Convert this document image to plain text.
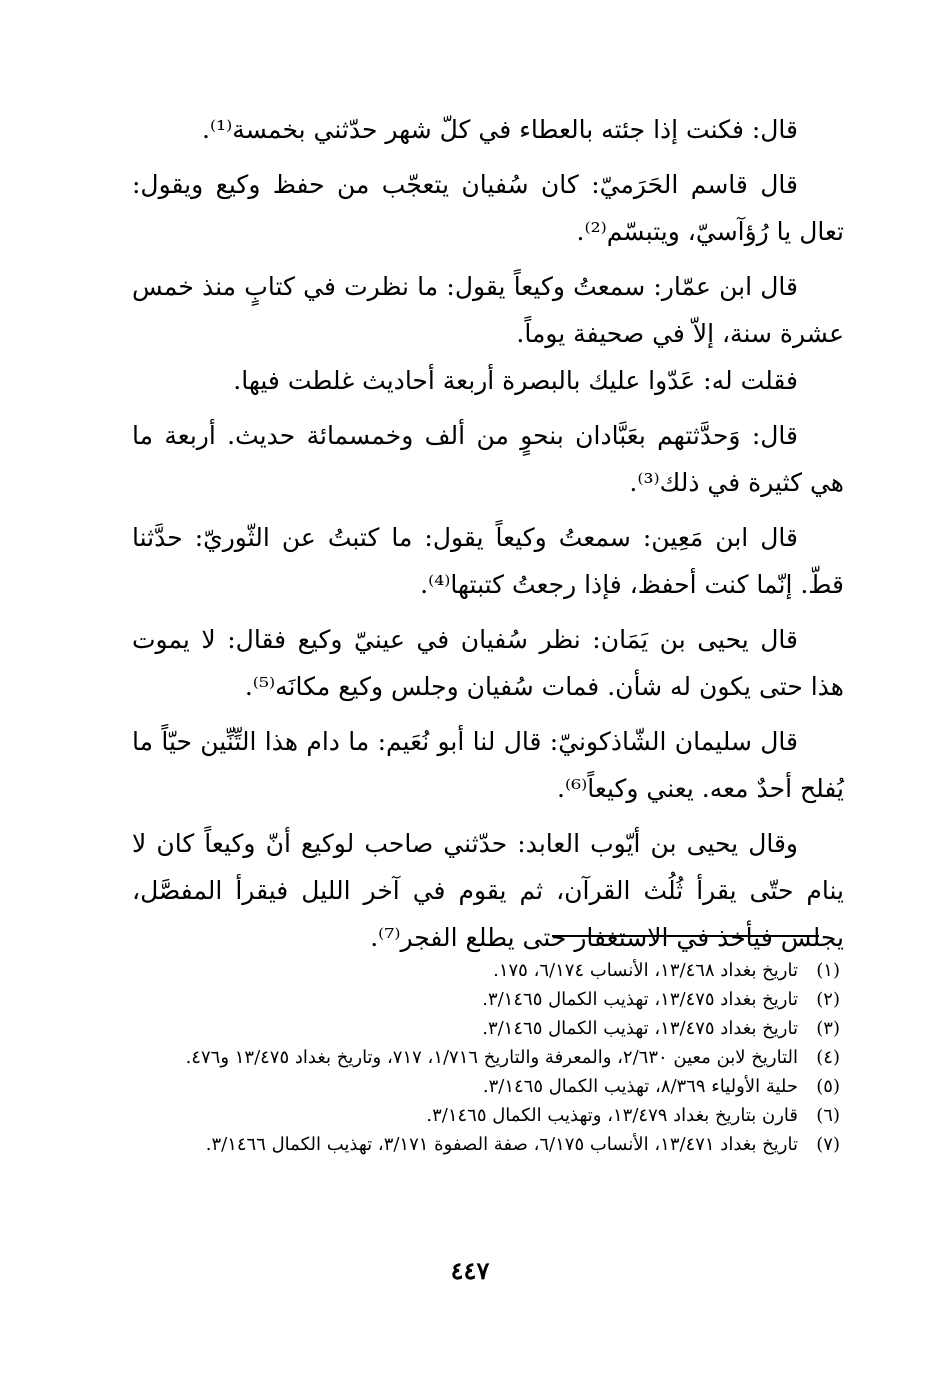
قال: فكنت إذا جئته بالعطاء في كلّ شهر حدّثني بخمسة⁽¹⁾.

قال قاسم الحَرَميّ: كان سُفيان يتعجّب من حفظ وكيع ويقول: تعال يا رُؤآسيّ، ويتبسّم⁽²⁾.

قال ابن عمّار: سمعتُ وكيعاً يقول: ما نظرت في كتابٍ منذ خمس عشرة سنة، إلاّ في صحيفة يوماً.

فقلت له: عَدّوا عليك بالبصرة أربعة أحاديث غلطت فيها.

قال: وَحدَّثتهم بعَبَّادان بنحوٍ من ألف وخمسمائة حديث. أربعة ما هي كثيرة في ذلك⁽³⁾.

قال ابن مَعِين: سمعتُ وكيعاً يقول: ما كتبتُ عن الثّوريّ: حدَّثنا قطّ. إنّما كنت أحفظ، فإذا رجعتُ كتبتها⁽⁴⁾.

قال يحيى بن يَمَان: نظر سُفيان في عينيّ وكيع فقال: لا يموت هذا حتى يكون له شأن. فمات سُفيان وجلس وكيع مكانَه⁽⁵⁾.

قال سليمان الشّاذكونيّ: قال لنا أبو نُعَيم: ما دام هذا التِّنِّين حيّاً ما يُفلح أحدٌ معه. يعني وكيعاً⁽⁶⁾.

وقال يحيى بن أيّوب العابد: حدّثني صاحب لوكيع أنّ وكيعاً كان لا ينام حتّى يقرأ ثُلُث القرآن، ثم يقوم في آخر الليل فيقرأ المفصَّل، يجلس فيأخذ في الاستغفار حتى يطلع الفجر⁽⁷⁾.

(١)
تاريخ بغداد ١٣/٤٦٨، الأنساب ٦/١٧٤، ١٧٥.
(٢)
تاريخ بغداد ١٣/٤٧٥، تهذيب الكمال ٣/١٤٦٥.
(٣)
تاريخ بغداد ١٣/٤٧٥، تهذيب الكمال ٣/١٤٦٥.
(٤)
التاريخ لابن معين ٢/٦٣٠، والمعرفة والتاريخ ١/٧١٦، ٧١٧، وتاريخ بغداد ١٣/٤٧٥ و٤٧٦.
(٥)
حلية الأولياء ٨/٣٦٩، تهذيب الكمال ٣/١٤٦٥.
(٦)
قارن بتاريخ بغداد ١٣/٤٧٩، وتهذيب الكمال ٣/١٤٦٥.
(٧)
تاريخ بغداد ١٣/٤٧١، الأنساب ٦/١٧٥، صفة الصفوة ٣/١٧١، تهذيب الكمال ٣/١٤٦٦.
٤٤٧
